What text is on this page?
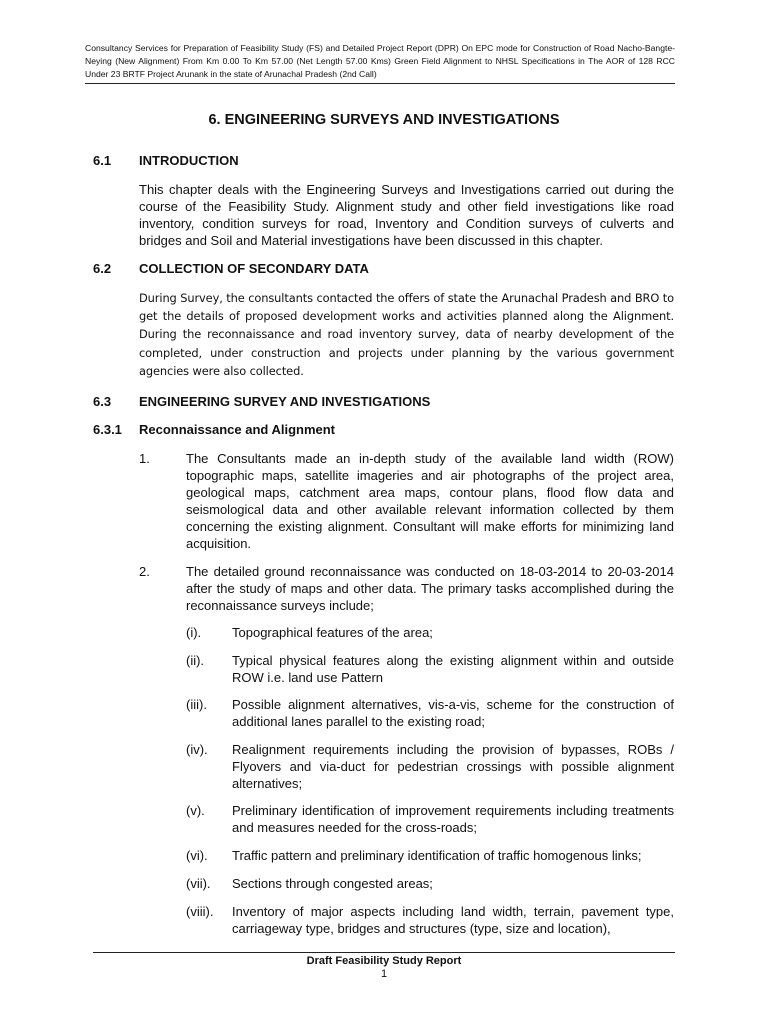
Consultancy Services for Preparation of Feasibility Study (FS) and Detailed Project Report (DPR) On EPC mode for Construction of Road Nacho-Bangte-Neying (New Alignment) From Km 0.00 To Km 57.00 (Net Length 57.00 Kms) Green Field Alignment to NHSL Specifications in The AOR of 128 RCC Under 23 BRTF Project Arunank in the state of Arunachal Pradesh (2nd Call)
6. ENGINEERING SURVEYS AND INVESTIGATIONS
6.1 INTRODUCTION
This chapter deals with the Engineering Surveys and Investigations carried out during the course of the Feasibility Study. Alignment study and other field investigations like road inventory, condition surveys for road, Inventory and Condition surveys of culverts and bridges and Soil and Material investigations have been discussed in this chapter.
6.2 COLLECTION OF SECONDARY DATA
During Survey, the consultants contacted the offers of state the Arunachal Pradesh and BRO to get the details of proposed development works and activities planned along the Alignment. During the reconnaissance and road inventory survey, data of nearby development of the completed, under construction and projects under planning by the various government agencies were also collected.
6.3 ENGINEERING SURVEY AND INVESTIGATIONS
6.3.1 Reconnaissance and Alignment
1.	The Consultants made an in-depth study of the available land width (ROW) topographic maps, satellite imageries and air photographs of the project area, geological maps, catchment area maps, contour plans, flood flow data and seismological data and other available relevant information collected by them concerning the existing alignment. Consultant will make efforts for minimizing land acquisition.
2.	The detailed ground reconnaissance was conducted on 18-03-2014 to 20-03-2014 after the study of maps and other data. The primary tasks accomplished during the reconnaissance surveys include;
(i). Topographical features of the area;
(ii). Typical physical features along the existing alignment within and outside ROW i.e. land use Pattern
(iii). Possible alignment alternatives, vis-a-vis, scheme for the construction of additional lanes parallel to the existing road;
(iv). Realignment requirements including the provision of bypasses, ROBs / Flyovers and via-duct for pedestrian crossings with possible alignment alternatives;
(v). Preliminary identification of improvement requirements including treatments and measures needed for the cross-roads;
(vi). Traffic pattern and preliminary identification of traffic homogenous links;
(vii). Sections through congested areas;
(viii). Inventory of major aspects including land width, terrain, pavement type, carriageway type, bridges and structures (type, size and location),
Draft Feasibility Study Report
1
